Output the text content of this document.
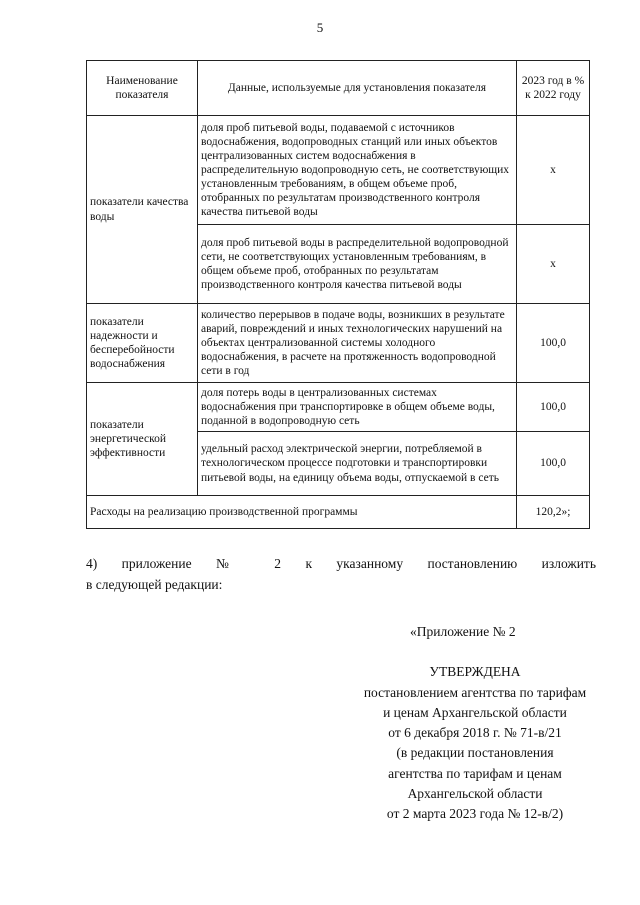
5
Наименование показателя	Данные, используемые для установления показателя	2023 год в % к 2022 году
показатели качества воды	доля проб питьевой воды, подаваемой с источников водоснабжения, водопроводных станций или иных объектов централизованных систем водоснабжения в распределительную водопроводную сеть, не соответствующих установленным требованиям, в общем объеме проб, отобранных по результатам производственного контроля качества питьевой воды	х
	доля проб питьевой воды в распределительной водопроводной сети, не соответствующих установленным требованиям, в общем объеме проб, отобранных по результатам производственного контроля качества питьевой воды	х
показатели надежности и бесперебойности водоснабжения	количество перерывов в подаче воды, возникших в результате аварий, повреждений и иных технологических нарушений на объектах централизованной системы холодного водоснабжения, в расчете на протяженность водопроводной сети в год	100,0
показатели энергетической эффективности	доля потерь воды в централизованных системах водоснабжения при транспортировке в общем объеме воды, поданной в водопроводную сеть	100,0
	удельный расход электрической энергии, потребляемой в технологическом процессе подготовки и транспортировки питьевой воды, на единицу объема воды, отпускаемой в сеть	100,0
Расходы на реализацию производственной программы		120,2»;
4) приложение № 2 к указанному постановлению изложить
в следующей редакции:
«Приложение № 2
УТВЕРЖДЕНА
постановлением агентства по тарифам
и ценам Архангельской области
от 6 декабря 2018 г. № 71-в/21
(в редакции постановления
агентства по тарифам и ценам
Архангельской области
от 2 марта 2023 года № 12-в/2)
